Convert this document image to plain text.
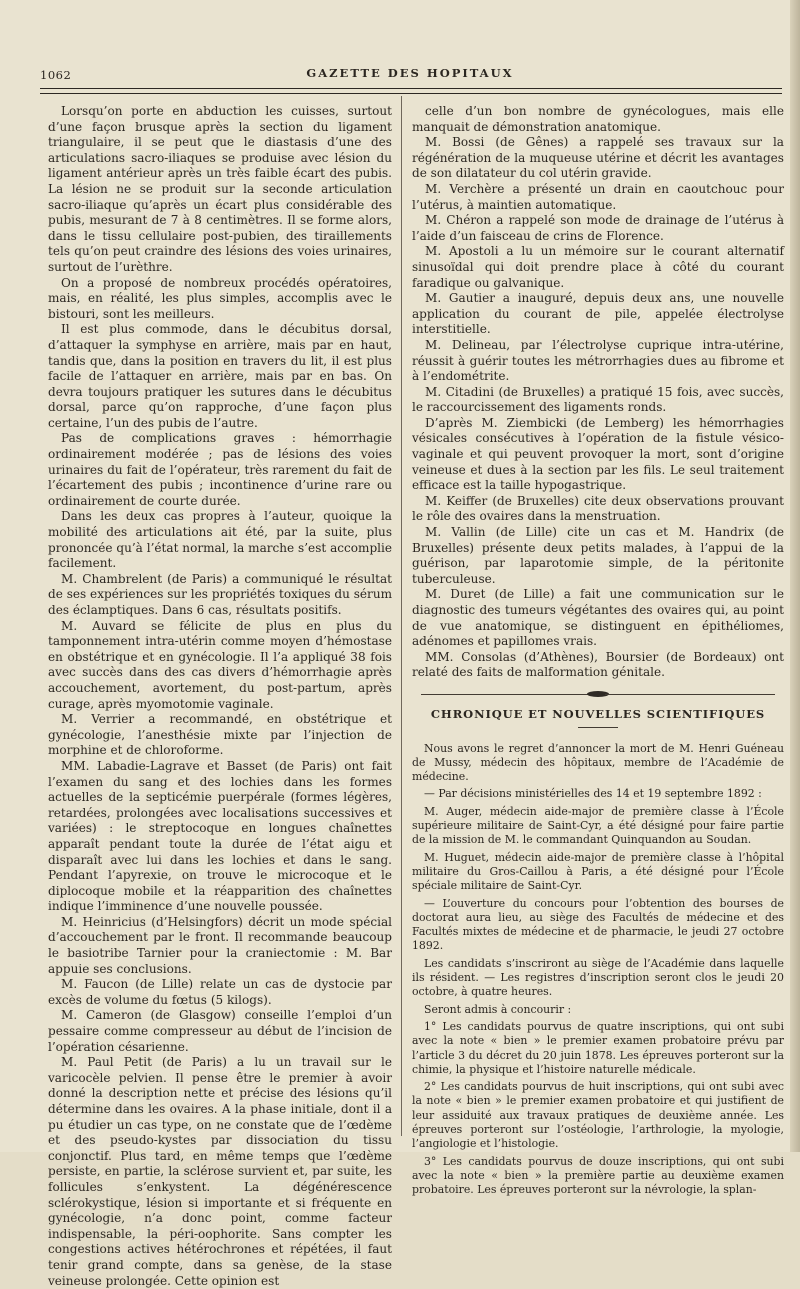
1062	GAZETTE DES HOPITAUX

Lorsqu’on porte en abduction les cuisses, surtout d’une façon brusque après la section du ligament triangulaire, il se peut que le diastasis d’une des articulations sacro-iliaques se produise avec lésion du ligament antérieur après un très faible écart des pubis. La lésion ne se produit sur la seconde articulation sacro-iliaque qu’après un écart plus considérable des pubis, mesurant de 7 à 8 centimètres. Il se forme alors, dans le tissu cellulaire post-pubien, des tiraillements tels qu’on peut craindre des lésions des voies urinaires, surtout de l’urèthre.

On a proposé de nombreux procédés opératoires, mais, en réalité, les plus simples, accomplis avec le bistouri, sont les meilleurs.

Il est plus commode, dans le décubitus dorsal, d’attaquer la symphyse en arrière, mais par en haut, tandis que, dans la position en travers du lit, il est plus facile de l’attaquer en arrière, mais par en bas. On devra toujours pratiquer les sutures dans le décubitus dorsal, parce qu’on rapproche, d’une façon plus certaine, l’un des pubis de l’autre.

Pas de complications graves : hémorrhagie ordinairement modérée ; pas de lésions des voies urinaires du fait de l’opérateur, très rarement du fait de l’écartement des pubis ; incontinence d’urine rare ou ordinairement de courte durée.

Dans les deux cas propres à l’auteur, quoique la mobilité des articulations ait été, par la suite, plus prononcée qu’à l’état normal, la marche s’est accomplie facilement.

M. Chambrelent (de Paris) a communiqué le résultat de ses expériences sur les propriétés toxiques du sérum des éclamptiques. Dans 6 cas, résultats positifs.

M. Auvard se félicite de plus en plus du tamponnement intra-utérin comme moyen d’hémostase en obstétrique et en gynécologie. Il l’a appliqué 38 fois avec succès dans des cas divers d’hémorrhagie après accouchement, avortement, du post-partum, après curage, après myomotomie vaginale.

M. Verrier a recommandé, en obstétrique et gynécologie, l’anesthésie mixte par l’injection de morphine et de chloroforme.

MM. Labadie-Lagrave et Basset (de Paris) ont fait l’examen du sang et des lochies dans les formes actuelles de la septicémie puerpérale (formes légères, retardées, prolongées avec localisations successives et variées) : le streptocoque en longues chaînettes apparaît pendant toute la durée de l’état aigu et disparaît avec lui dans les lochies et dans le sang. Pendant l’apyrexie, on trouve le microcoque et le diplocoque mobile et la réapparition des chaînettes indique l’imminence d’une nouvelle poussée.

M. Heinricius (d’Helsingfors) décrit un mode spécial d’accouchement par le front. Il recommande beaucoup le basiotribe Tarnier pour la craniectomie : M. Bar appuie ses conclusions.

M. Faucon (de Lille) relate un cas de dystocie par excès de volume du fœtus (5 kilogs).

M. Cameron (de Glasgow) conseille l’emploi d’un pessaire comme compresseur au début de l’incision de l’opération césarienne.

M. Paul Petit (de Paris) a lu un travail sur le varicocèle pelvien. Il pense être le premier à avoir donné la description nette et précise des lésions qu’il détermine dans les ovaires. A la phase initiale, dont il a pu étudier un cas type, on ne constate que de l’œdème et des pseudo-kystes par dissociation du tissu conjonctif. Plus tard, en même temps que l’œdème persiste, en partie, la sclérose survient et, par suite, les follicules s’enkystent. La dégénérescence sclérokystique, lésion si importante et si fréquente en gynécologie, n’a donc point, comme facteur indispensable, la péri-oophorite. Sans compter les congestions actives hétérochrones et répétées, il faut tenir grand compte, dans sa genèse, de la stase veineuse prolongée. Cette opinion est

celle d’un bon nombre de gynécologues, mais elle manquait de démonstration anatomique.

M. Bossi (de Gênes) a rappelé ses travaux sur la régénération de la muqueuse utérine et décrit les avantages de son dilatateur du col utérin gravide.

M. Verchère a présenté un drain en caoutchouc pour l’utérus, à maintien automatique.

M. Chéron a rappelé son mode de drainage de l’utérus à l’aide d’un faisceau de crins de Florence.

M. Apostoli a lu un mémoire sur le courant alternatif sinusoïdal qui doit prendre place à côté du courant faradique ou galvanique.

M. Gautier a inauguré, depuis deux ans, une nouvelle application du courant de pile, appelée électrolyse interstitielle.

M. Delineau, par l’électrolyse cuprique intra-utérine, réussit à guérir toutes les métrorrhagies dues au fibrome et à l’endométrite.

M. Citadini (de Bruxelles) a pratiqué 15 fois, avec succès, le raccourcissement des ligaments ronds.

D’après M. Ziembicki (de Lemberg) les hémorrhagies vésicales consécutives à l’opération de la fistule vésico-vaginale et qui peuvent provoquer la mort, sont d’origine veineuse et dues à la section par les fils. Le seul traitement efficace est la taille hypogastrique.

M. Keiffer (de Bruxelles) cite deux observations prouvant le rôle des ovaires dans la menstruation.

M. Vallin (de Lille) cite un cas et M. Handrix (de Bruxelles) présente deux petits malades, à l’appui de la guérison, par laparotomie simple, de la péritonite tuberculeuse.

M. Duret (de Lille) a fait une communication sur le diagnostic des tumeurs végétantes des ovaires qui, au point de vue anatomique, se distinguent en épithéliomes, adénomes et papillomes vrais.

MM. Consolas (d’Athènes), Boursier (de Bordeaux) ont relaté des faits de malformation génitale.

CHRONIQUE ET NOUVELLES SCIENTIFIQUES

Nous avons le regret d’annoncer la mort de M. Henri Guéneau de Mussy, médecin des hôpitaux, membre de l’Académie de médecine.

— Par décisions ministérielles des 14 et 19 septembre 1892 :

M. Auger, médecin aide-major de première classe à l’École supérieure militaire de Saint-Cyr, a été désigné pour faire partie de la mission de M. le commandant Quinquandon au Soudan.

M. Huguet, médecin aide-major de première classe à l’hôpital militaire du Gros-Caillou à Paris, a été désigné pour l’École spéciale militaire de Saint-Cyr.

— L’ouverture du concours pour l’obtention des bourses de doctorat aura lieu, au siège des Facultés de médecine et des Facultés mixtes de médecine et de pharmacie, le jeudi 27 octobre 1892.

Les candidats s’inscriront au siège de l’Académie dans laquelle ils résident. — Les registres d’inscription seront clos le jeudi 20 octobre, à quatre heures.

Seront admis à concourir :

1° Les candidats pourvus de quatre inscriptions, qui ont subi avec la note « bien » le premier examen probatoire prévu par l’article 3 du décret du 20 juin 1878. Les épreuves porteront sur la chimie, la physique et l’histoire naturelle médicale.

2° Les candidats pourvus de huit inscriptions, qui ont subi avec la note « bien » le premier examen probatoire et qui justifient de leur assiduité aux travaux pratiques de deuxième année. Les épreuves porteront sur l’ostéologie, l’arthrologie, la myologie, l’angiologie et l’histologie.

3° Les candidats pourvus de douze inscriptions, qui ont subi avec la note « bien » la première partie au deuxième examen probatoire. Les épreuves porteront sur la névrologie, la splan-
